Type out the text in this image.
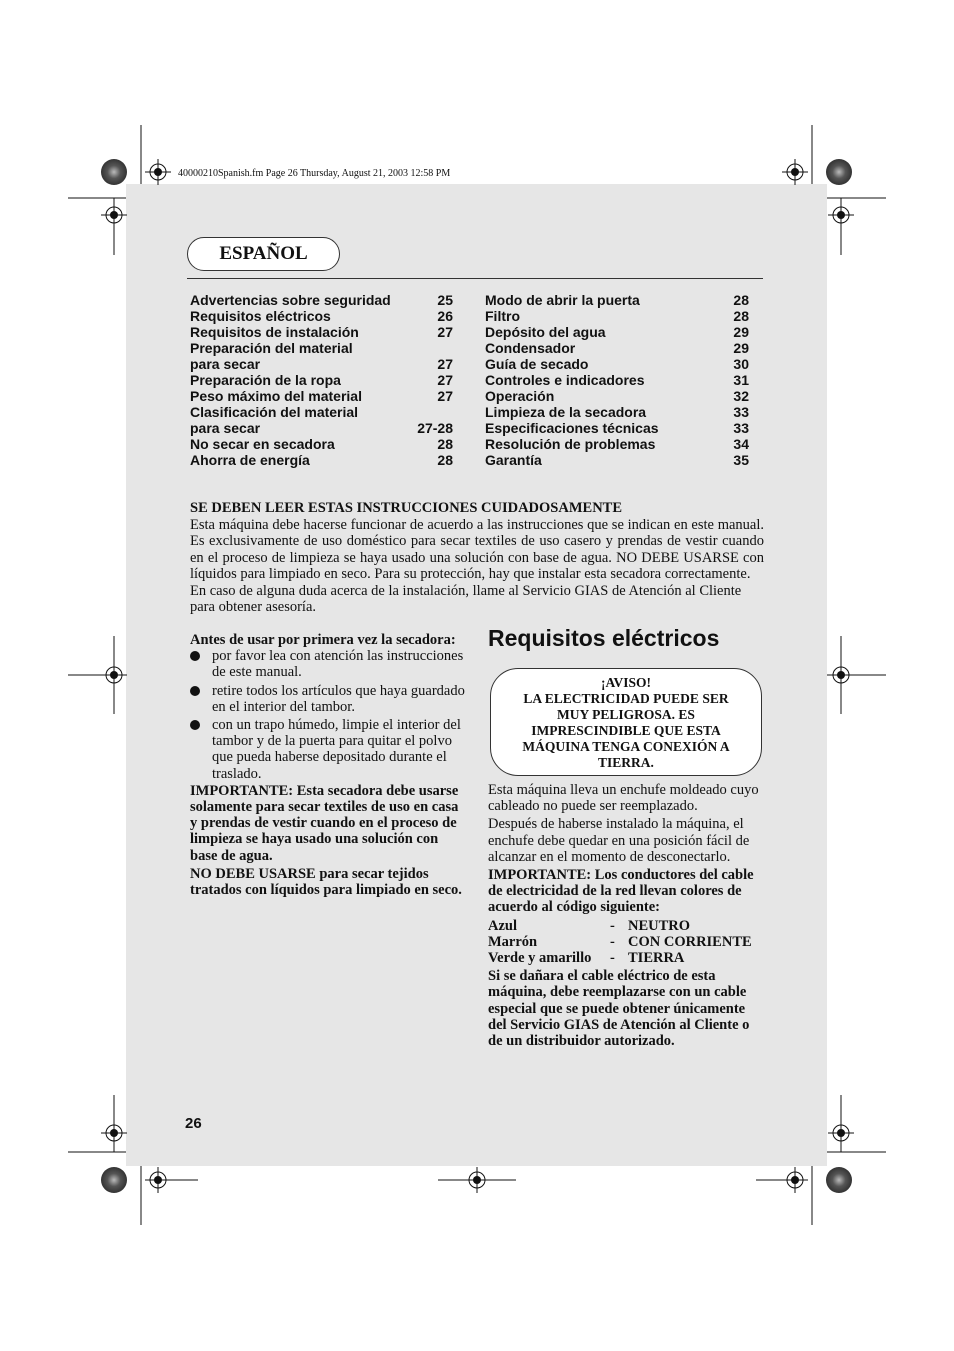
40000210Spanish.fm Page 26 Thursday, August 21, 2003 12:58 PM
ESPAÑOL
Advertencias sobre seguridad	25
Requisitos eléctricos	26
Requisitos de instalación	27
Preparación del material
para secar	27
Preparación de la ropa	27
Peso máximo del material	27
Clasificación del material
para secar	27-28
No secar en secadora	28
Ahorra de energía	28
Modo de abrir la puerta	28
Filtro	28
Depósito del agua	29
Condensador	29
Guía de secado	30
Controles e indicadores	31
Operación	32
Limpieza de la secadora	33
Especificaciones técnicas	33
Resolución de problemas	34
Garantía	35

SE DEBEN LEER ESTAS INSTRUCCIONES CUIDADOSAMENTE

Esta máquina debe hacerse funcionar de acuerdo a las instrucciones que se indican en este manual. Es exclusivamente de uso doméstico para secar textiles de uso casero y prendas de vestir cuando en el proceso de limpieza se haya usado una solución con base de agua. NO DEBE USARSE con líquidos para limpiado en seco. Para su protección, hay que instalar esta secadora correctamente.

En caso de alguna duda acerca de la instalación, llame al Servicio GIAS de Atención al Cliente para obtener asesoría.

Antes de usar por primera vez la secadora:

por favor lea con atención las instrucciones de este manual.
retire todos los artículos que haya guardado en el interior del tambor.
con un trapo húmedo, limpie el interior del tambor y de la puerta para quitar el polvo que pueda haberse depositado durante el traslado.

IMPORTANTE: Esta secadora debe usarse solamente para secar textiles de uso en casa y prendas de vestir cuando en el proceso de limpieza se haya usado una solución con base de agua.

NO DEBE USARSE para secar tejidos tratados con líquidos para limpiado en seco.

Requisitos eléctricos
¡AVISO!
LA ELECTRICIDAD PUEDE SER
MUY PELIGROSA. ES
IMPRESCINDIBLE QUE ESTA
MÁQUINA TENGA CONEXIÓN A
TIERRA.

Esta máquina lleva un enchufe moldeado cuyo cableado no puede ser reemplazado.

Después de haberse instalado la máquina, el enchufe debe quedar en una posición fácil de alcanzar en el momento de desconectarlo.

IMPORTANTE: Los conductores del cable de electricidad de la red llevan colores de acuerdo al código siguiente:

Azul	- NEUTRO
Marrón	- CON CORRIENTE
Verde y amarillo	- TIERRA

Si se dañara el cable eléctrico de esta máquina, debe reemplazarse con un cable especial que se puede obtener únicamente del Servicio GIAS de Atención al Cliente o de un distribuidor autorizado.

26
